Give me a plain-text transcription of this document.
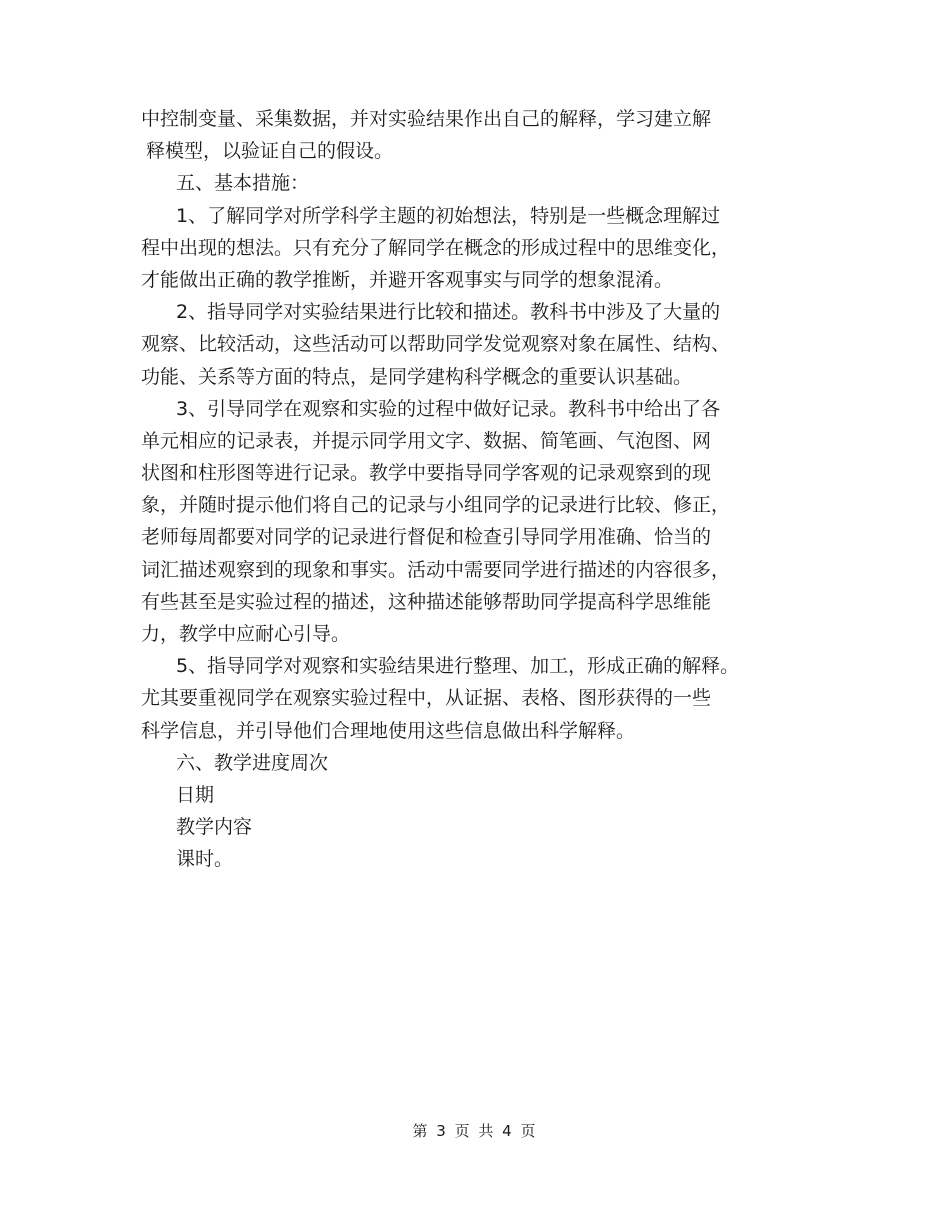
中控制变量、采集数据，并对实验结果作出自己的解释，学习建立解
释模型，以验证自己的假设。
五、基本措施：
1、了解同学对所学科学主题的初始想法，特别是一些概念理解过
程中出现的想法。只有充分了解同学在概念的形成过程中的思维变化，
才能做出正确的教学推断，并避开客观事实与同学的想象混淆。
2、指导同学对实验结果进行比较和描述。教科书中涉及了大量的
观察、比较活动，这些活动可以帮助同学发觉观察对象在属性、结构、
功能、关系等方面的特点，是同学建构科学概念的重要认识基础。
3、引导同学在观察和实验的过程中做好记录。教科书中给出了各
单元相应的记录表，并提示同学用文字、数据、简笔画、气泡图、网
状图和柱形图等进行记录。教学中要指导同学客观的记录观察到的现
象，并随时提示他们将自己的记录与小组同学的记录进行比较、修正，
老师每周都要对同学的记录进行督促和检查引导同学用准确、恰当的
词汇描述观察到的现象和事实。活动中需要同学进行描述的内容很多，
有些甚至是实验过程的描述，这种描述能够帮助同学提高科学思维能
力，教学中应耐心引导。
5、指导同学对观察和实验结果进行整理、加工，形成正确的解释。
尤其要重视同学在观察实验过程中，从证据、表格、图形获得的一些
科学信息，并引导他们合理地使用这些信息做出科学解释。
六、教学进度周次
日期
教学内容
课时。
第 3 页 共 4 页
